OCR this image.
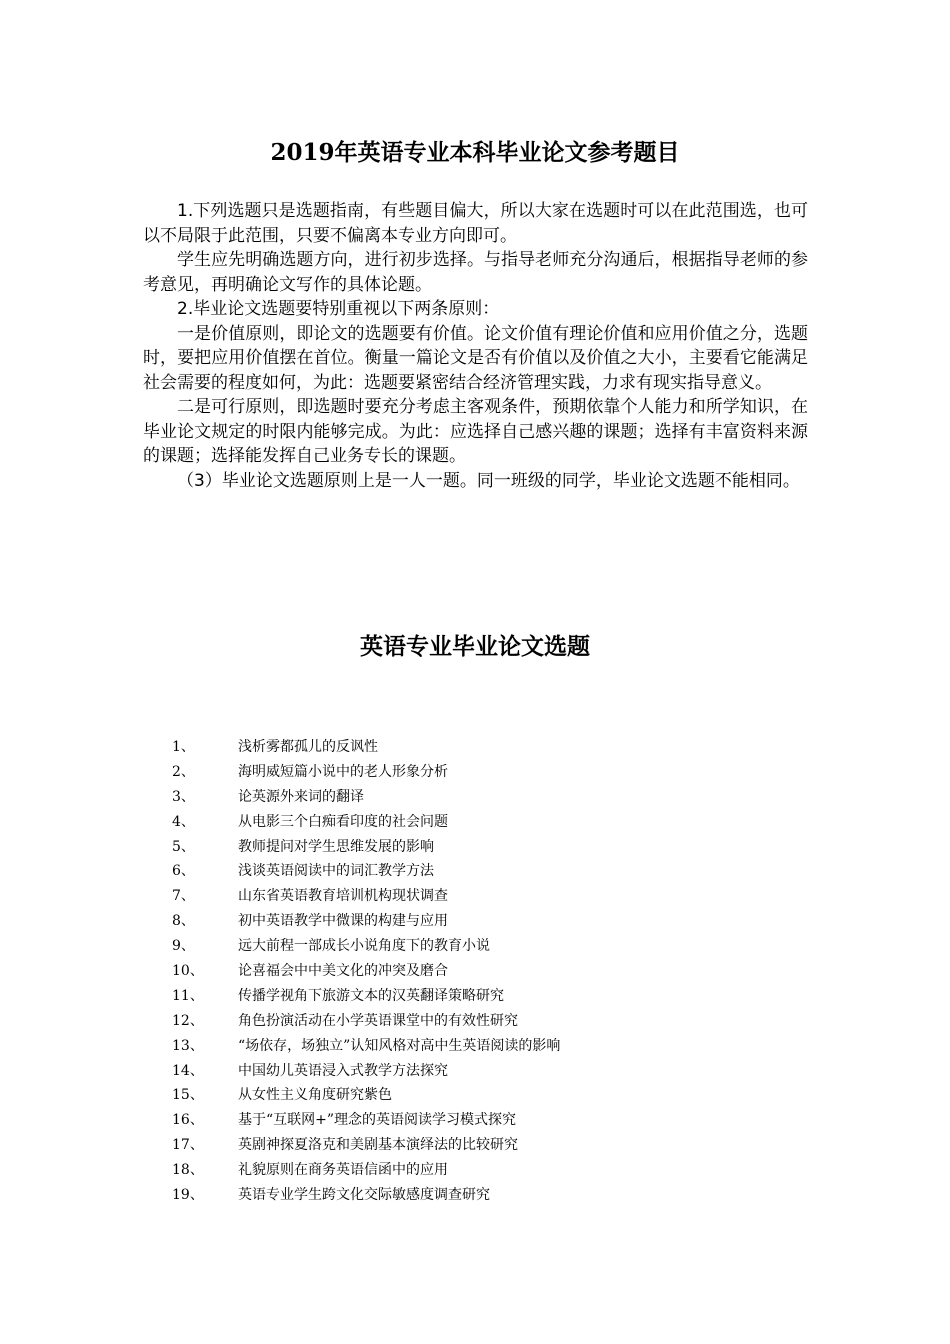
2019年英语专业本科毕业论文参考题目

1.下列选题只是选题指南，有些题目偏大，所以大家在选题时可以在此范围选，也可以不局限于此范围，只要不偏离本专业方向即可。

学生应先明确选题方向，进行初步选择。与指导老师充分沟通后，根据指导老师的参考意见，再明确论文写作的具体论题。

2.毕业论文选题要特别重视以下两条原则：

一是价值原则，即论文的选题要有价值。论文价值有理论价值和应用价值之分，选题时，要把应用价值摆在首位。衡量一篇论文是否有价值以及价值之大小，主要看它能满足社会需要的程度如何，为此：选题要紧密结合经济管理实践，力求有现实指导意义。

二是可行原则，即选题时要充分考虑主客观条件，预期依靠个人能力和所学知识，在毕业论文规定的时限内能够完成。为此：应选择自己感兴趣的课题；选择有丰富资料来源的课题；选择能发挥自己业务专长的课题。

（3）毕业论文选题原则上是一人一题。同一班级的同学，毕业论文选题不能相同。

英语专业毕业论文选题
1、	浅析雾都孤儿的反讽性
2、	海明威短篇小说中的老人形象分析
3、	论英源外来词的翻译
4、	从电影三个白痴看印度的社会问题
5、	教师提问对学生思维发展的影响
6、	浅谈英语阅读中的词汇教学方法
7、	山东省英语教育培训机构现状调查
8、	初中英语教学中微课的构建与应用
9、	远大前程一部成长小说角度下的教育小说
10、 论喜福会中中美文化的冲突及磨合
11、 传播学视角下旅游文本的汉英翻译策略研究
12、 角色扮演活动在小学英语课堂中的有效性研究
13、 “场依存，场独立”认知风格对高中生英语阅读的影响
14、 中国幼儿英语浸入式教学方法探究
15、 从女性主义角度研究紫色
16、 基于“互联网+”理念的英语阅读学习模式探究
17、 英剧神探夏洛克和美剧基本演绎法的比较研究
18、 礼貌原则在商务英语信函中的应用
19、 英语专业学生跨文化交际敏感度调查研究
